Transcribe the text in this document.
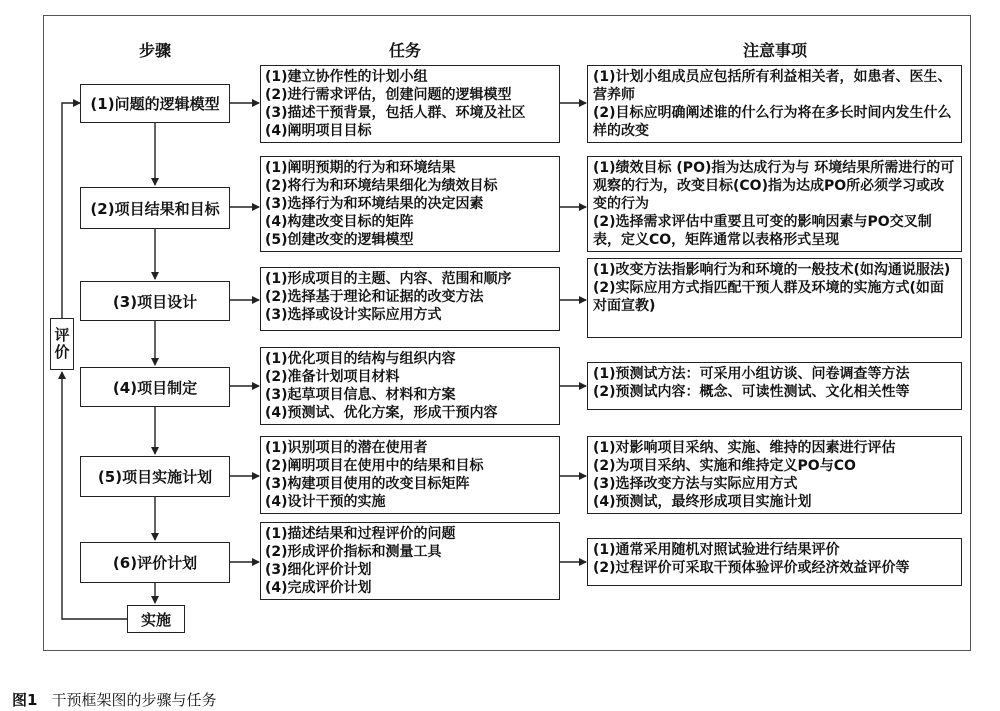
步骤	任务	注意事项
评价
(1)问题的逻辑模型
(2)项目结果和目标
(3)项目设计
(4)项目制定
(5)项目实施计划
(6)评价计划
实施
(1)建立协作性的计划小组
(2)进行需求评估，创建问题的逻辑模型
(3)描述干预背景，包括人群、环境及社区
(4)阐明项目目标
(1)阐明预期的行为和环境结果
(2)将行为和环境结果细化为绩效目标
(3)选择行为和环境结果的决定因素
(4)构建改变目标的矩阵
(5)创建改变的逻辑模型
(1)形成项目的主题、内容、范围和顺序
(2)选择基于理论和证据的改变方法
(3)选择或设计实际应用方式
(1)优化项目的结构与组织内容
(2)准备计划项目材料
(3)起草项目信息、材料和方案
(4)预测试、优化方案，形成干预内容
(1)识别项目的潜在使用者
(2)阐明项目在使用中的结果和目标
(3)构建项目使用的改变目标矩阵
(4)设计干预的实施
(1)描述结果和过程评价的问题
(2)形成评价指标和测量工具
(3)细化评价计划
(4)完成评价计划
(1)计划小组成员应包括所有利益相关者，如患者、医生、营养师
(2)目标应明确阐述谁的什么行为将在多长时间内发生什么样的改变
(1)绩效目标 (PO)指为达成行为与 环境结果所需进行的可观察的行为，改变目标(CO)指为达成PO所必须学习或改变的行为
(2)选择需求评估中重要且可变的影响因素与PO交叉制表，定义CO，矩阵通常以表格形式呈现
(1)改变方法指影响行为和环境的一般技术(如沟通说服法)
(2)实际应用方式指匹配干预人群及环境的实施方式(如面对面宣教)
(1)预测试方法：可采用小组访谈、问卷调查等方法
(2)预测试内容：概念、可读性测试、文化相关性等
(1)对影响项目采纳、实施、维持的因素进行评估
(2)为项目采纳、实施和维持定义PO与CO
(3)选择改变方法与实际应用方式
(4)预测试，最终形成项目实施计划
(1)通常采用随机对照试验进行结果评价
(2)过程评价可采取干预体验评价或经济效益评价等
图1 干预框架图的步骤与任务
